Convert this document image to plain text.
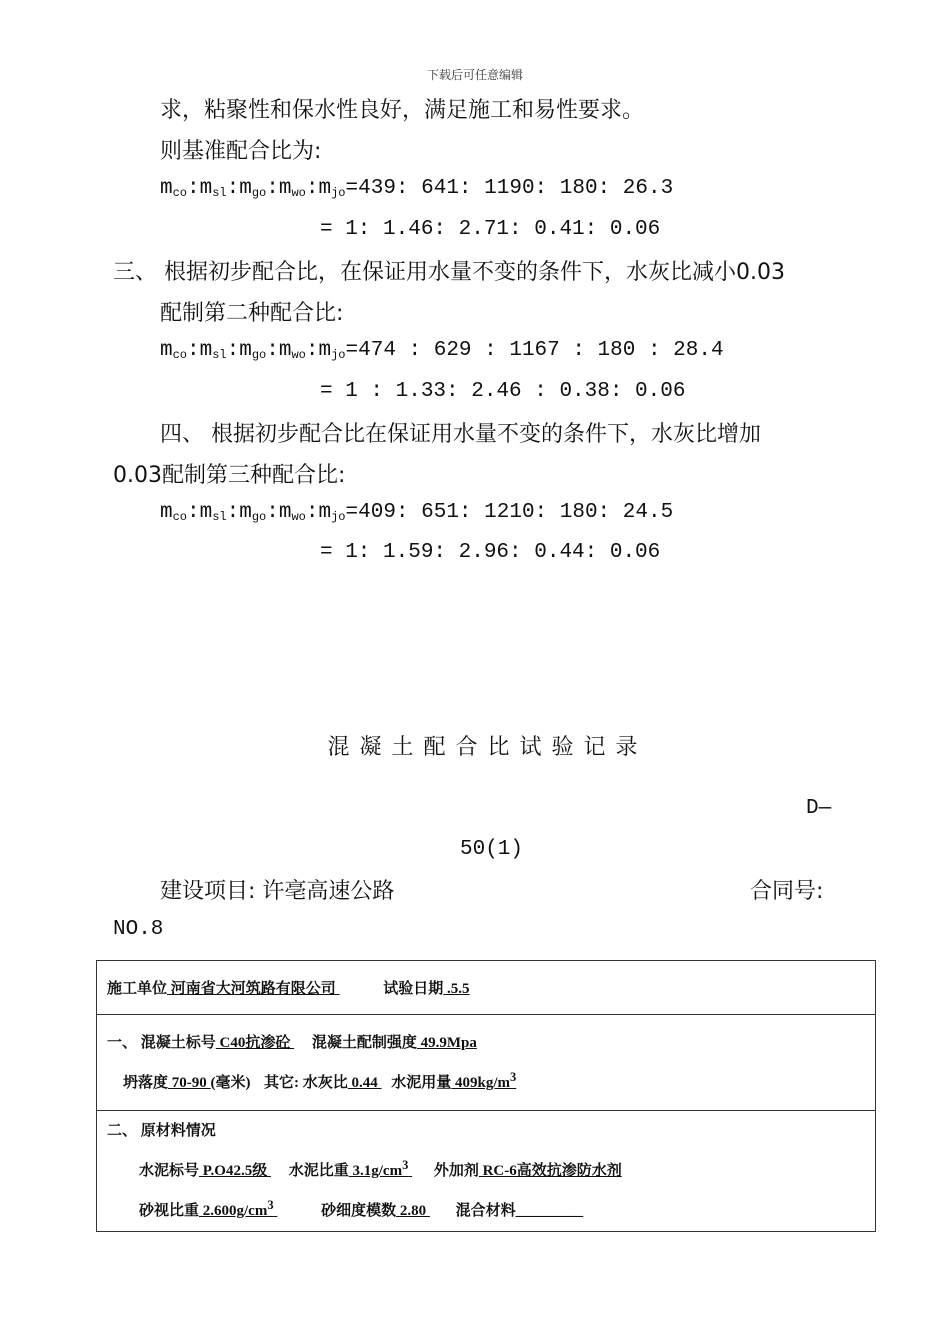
下载后可任意编辑
求，粘聚性和保水性良好，满足施工和易性要求。
则基准配合比为:
$m_{co}:m_{sl}:m_{go}:m_{wo}:m_{jo}=439$: 641: 1190: 180: 26.3
= 1: 1.46: 2.71: 0.41: 0.06
三、 根据初步配合比，在保证用水量不变的条件下，水灰比减小0.03
配制第二种配合比:
$m_{co}:m_{sl}:m_{go}:m_{wo}:m_{jo}=474$ : 629 : 1167 : 180 : 28.4
= 1 : 1.33: 2.46 : 0.38: 0.06
四、 根据初步配合比在保证用水量不变的条件下，水灰比增加
0.03配制第三种配合比:
$m_{co}:m_{sl}:m_{go}:m_{wo}:m_{jo}=409$: 651: 1210: 180: 24.5
= 1: 1.59: 2.96: 0.44: 0.06
混凝土配合比试验记录
D—
50(1)
建设项目: 许亳高速公路	合同号:
NO.8
施工单位 河南省大河筑路有限公司	试验日期 .5.5

一、 混凝土标号 C40抗渗砼  混凝土配制强度 49.9Mpa
坍落度 70-90 (毫米) 其它: 水灰比 0.44  水泥用量 $409kg/m^3$

二、 原材料情况
水泥标号 P.O42.5级  水泥比重 $3.1g/cm^3$ 外加剂 RC-6高效抗渗防水剂
砂视比重 $2.600g/cm^3$	砂细度模数 2.80  混合材料_________
